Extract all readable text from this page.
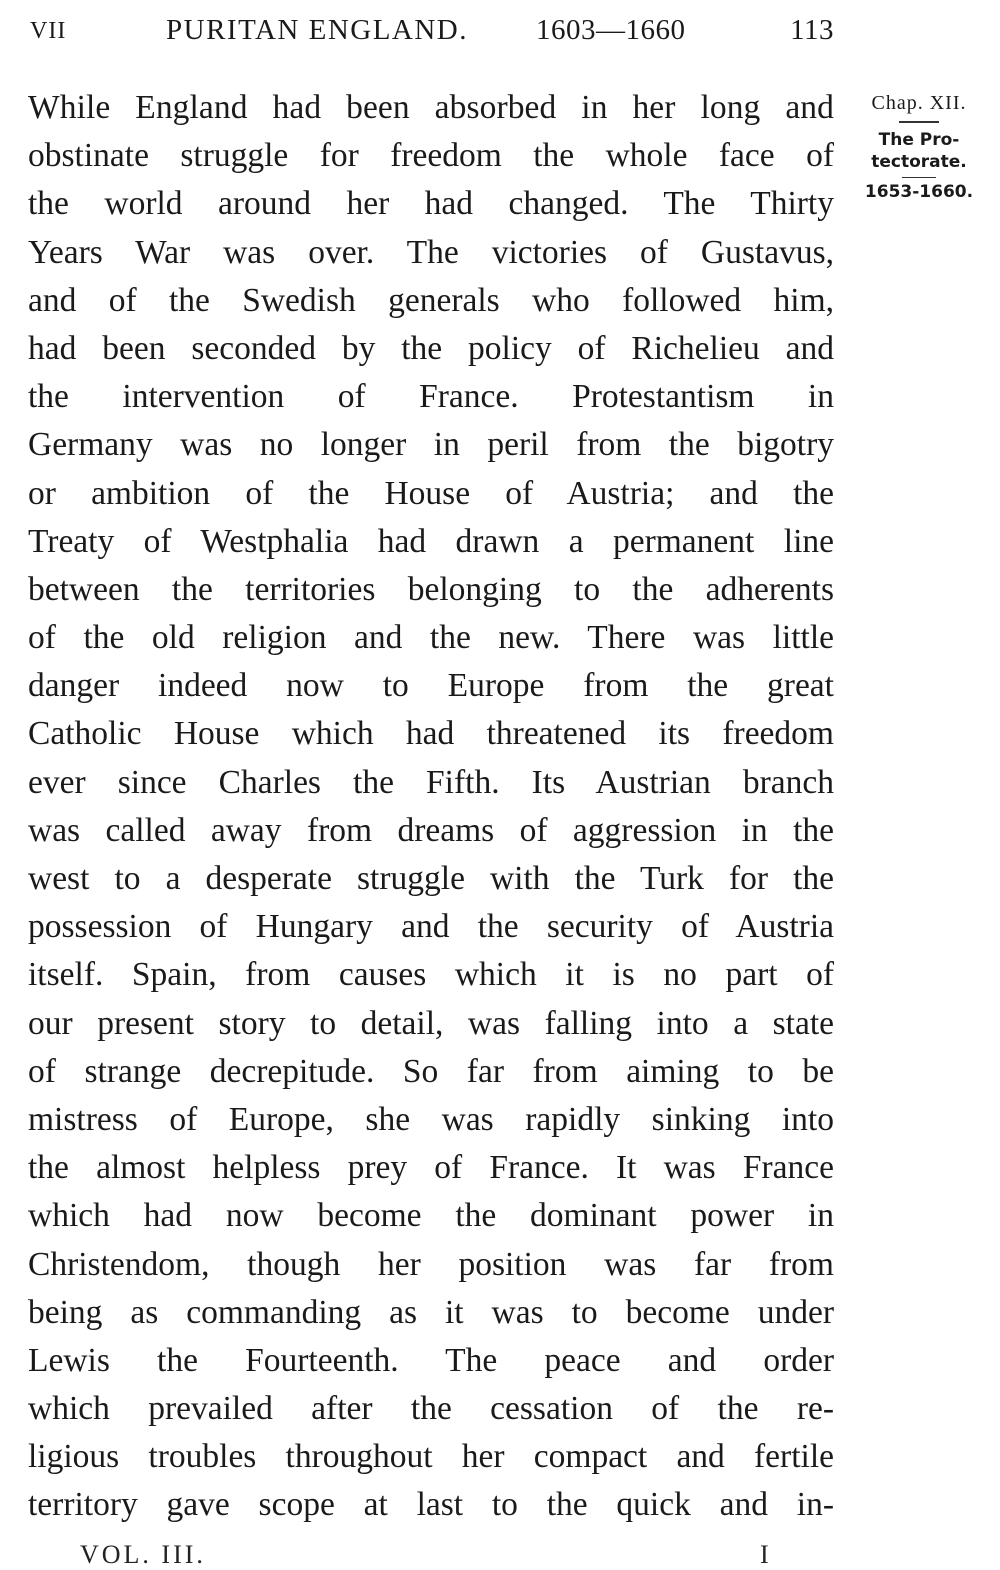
VII	PURITAN ENGLAND. 1603—1660	113
While England had been absorbed in her long and
obstinate struggle for freedom the whole face of
the world around her had changed. The Thirty
Years War was over. The victories of Gustavus,
and of the Swedish generals who followed him,
had been seconded by the policy of Richelieu and
the intervention of France. Protestantism in
Germany was no longer in peril from the bigotry
or ambition of the House of Austria; and the
Treaty of Westphalia had drawn a permanent line
between the territories belonging to the adherents
of the old religion and the new. There was little
danger indeed now to Europe from the great
Catholic House which had threatened its freedom
ever since Charles the Fifth. Its Austrian branch
was called away from dreams of aggression in the
west to a desperate struggle with the Turk for the
possession of Hungary and the security of Austria
itself. Spain, from causes which it is no part of
our present story to detail, was falling into a state
of strange decrepitude. So far from aiming to be
mistress of Europe, she was rapidly sinking into
the almost helpless prey of France. It was France
which had now become the dominant power in
Christendom, though her position was far from
being as commanding as it was to become under
Lewis the Fourteenth. The peace and order
which prevailed after the cessation of the re-
ligious troubles throughout her compact and fertile
territory gave scope at last to the quick and in-
Chap. XII.
The Pro-
tectorate.
1653-1660.
VOL. III.	I
